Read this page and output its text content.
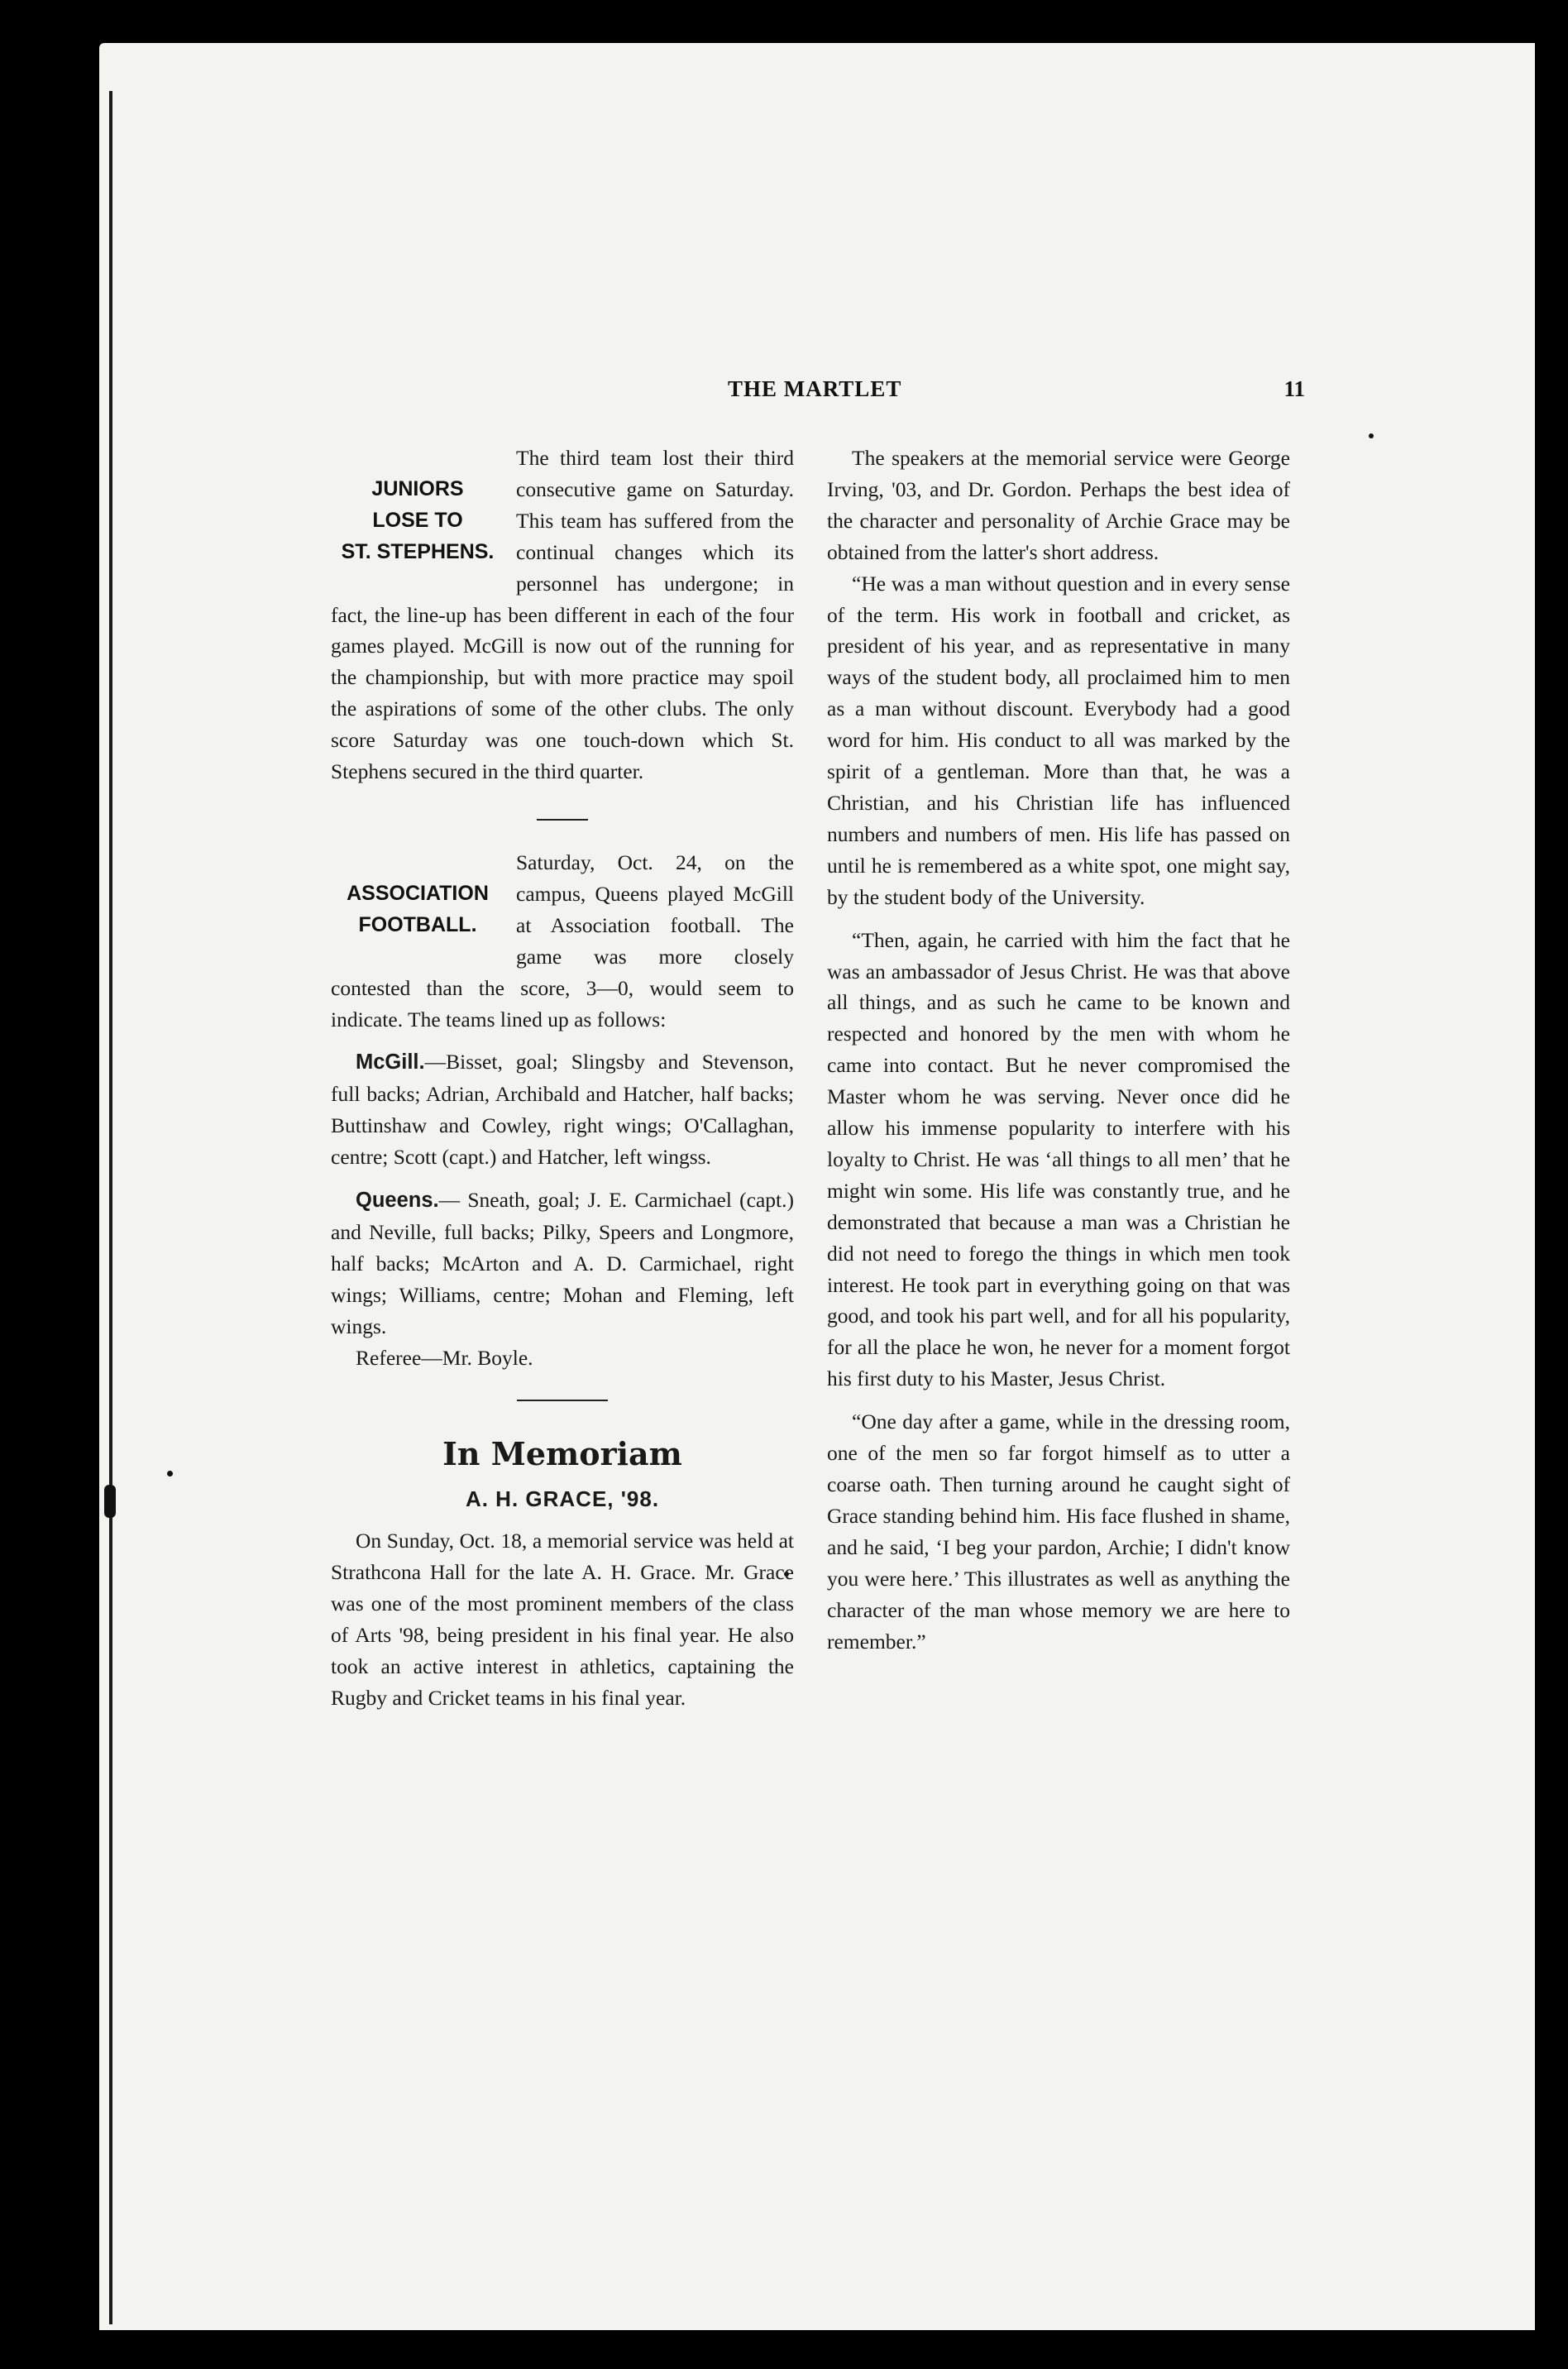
THE MARTLET	11
JUNIORS
LOSE TO
ST. STEPHENS.

The third team lost their third consecutive game on Saturday. This team has suffered from the continual changes which its personnel has undergone; in fact, the line-up has been different in each of the four games played. McGill is now out of the running for the championship, but with more practice may spoil the aspirations of some of the other clubs. The only score Saturday was one touch-down which St. Stephens secured in the third quarter.

ASSOCIATION
FOOTBALL.

Saturday, Oct. 24, on the campus, Queens played McGill at Association football. The game was more closely contested than the score, 3—0, would seem to indicate. The teams lined up as follows:

McGill.—Bisset, goal; Slingsby and Stevenson, full backs; Adrian, Archibald and Hatcher, half backs; Buttinshaw and Cowley, right wings; O'Callaghan, centre; Scott (capt.) and Hatcher, left wingss.

Queens.— Sneath, goal; J. E. Carmichael (capt.) and Neville, full backs; Pilky, Speers and Longmore, half backs; McArton and A. D. Carmichael, right wings; Williams, centre; Mohan and Fleming, left wings.

Referee—Mr. Boyle.

In Memoriam
A. H. GRACE, '98.

On Sunday, Oct. 18, a memorial service was held at Strathcona Hall for the late A. H. Grace. Mr. Grace was one of the most prominent members of the class of Arts '98, being president in his final year. He also took an active interest in athletics, captaining the Rugby and Cricket teams in his final year.

The speakers at the memorial service were George Irving, '03, and Dr. Gordon. Perhaps the best idea of the character and personality of Archie Grace may be obtained from the latter's short address.

“He was a man without question and in every sense of the term. His work in football and cricket, as president of his year, and as representative in many ways of the student body, all proclaimed him to men as a man without discount. Everybody had a good word for him. His conduct to all was marked by the spirit of a gentleman. More than that, he was a Christian, and his Christian life has influenced numbers and numbers of men. His life has passed on until he is remembered as a white spot, one might say, by the student body of the University.

“Then, again, he carried with him the fact that he was an ambassador of Jesus Christ. He was that above all things, and as such he came to be known and respected and honored by the men with whom he came into contact. But he never compromised the Master whom he was serving. Never once did he allow his immense popularity to interfere with his loyalty to Christ. He was ‘all things to all men’ that he might win some. His life was constantly true, and he demonstrated that because a man was a Christian he did not need to forego the things in which men took interest. He took part in everything going on that was good, and took his part well, and for all his popularity, for all the place he won, he never for a moment forgot his first duty to his Master, Jesus Christ.

“One day after a game, while in the dressing room, one of the men so far forgot himself as to utter a coarse oath. Then turning around he caught sight of Grace standing behind him. His face flushed in shame, and he said, ‘I beg your pardon, Archie; I didn't know you were here.’ This illustrates as well as anything the character of the man whose memory we are here to remember.”
